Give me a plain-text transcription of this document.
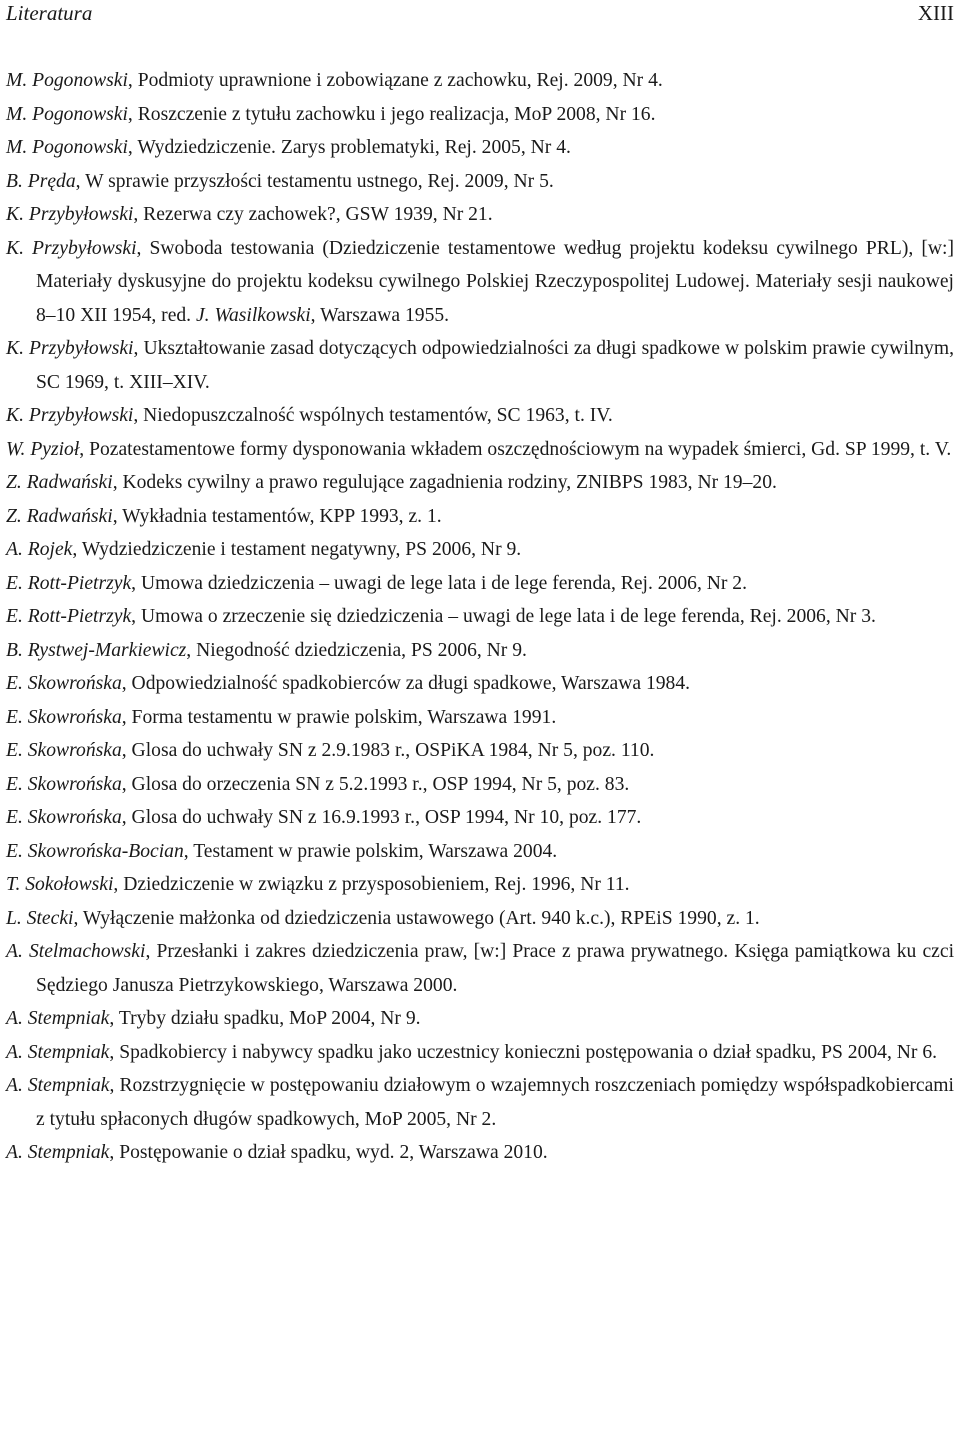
Literatura	XIII
M. Pogonowski, Podmioty uprawnione i zobowiązane z zachowku, Rej. 2009, Nr 4.
M. Pogonowski, Roszczenie z tytułu zachowku i jego realizacja, MoP 2008, Nr 16.
M. Pogonowski, Wydziedziczenie. Zarys problematyki, Rej. 2005, Nr 4.
B. Pręda, W sprawie przyszłości testamentu ustnego, Rej. 2009, Nr 5.
K. Przybyłowski, Rezerwa czy zachowek?, GSW 1939, Nr 21.
K. Przybyłowski, Swoboda testowania (Dziedziczenie testamentowe według projektu kodeksu cywilnego PRL), [w:] Materiały dyskusyjne do projektu kodeksu cywilnego Polskiej Rzeczypospolitej Ludowej. Materiały sesji naukowej 8–10 XII 1954, red. J. Wasilkowski, Warszawa 1955.
K. Przybyłowski, Ukształtowanie zasad dotyczących odpowiedzialności za długi spadkowe w polskim prawie cywilnym, SC 1969, t. XIII–XIV.
K. Przybyłowski, Niedopuszczalność wspólnych testamentów, SC 1963, t. IV.
W. Pyzioł, Pozatestamentowe formy dysponowania wkładem oszczędnościowym na wypadek śmierci, Gd. SP 1999, t. V.
Z. Radwański, Kodeks cywilny a prawo regulujące zagadnienia rodziny, ZNIBPS 1983, Nr 19–20.
Z. Radwański, Wykładnia testamentów, KPP 1993, z. 1.
A. Rojek, Wydziedziczenie i testament negatywny, PS 2006, Nr 9.
E. Rott-Pietrzyk, Umowa dziedziczenia – uwagi de lege lata i de lege ferenda, Rej. 2006, Nr 2.
E. Rott-Pietrzyk, Umowa o zrzeczenie się dziedziczenia – uwagi de lege lata i de lege ferenda, Rej. 2006, Nr 3.
B. Rystwej-Markiewicz, Niegodność dziedziczenia, PS 2006, Nr 9.
E. Skowrońska, Odpowiedzialność spadkobierców za długi spadkowe, Warszawa 1984.
E. Skowrońska, Forma testamentu w prawie polskim, Warszawa 1991.
E. Skowrońska, Glosa do uchwały SN z 2.9.1983 r., OSPiKA 1984, Nr 5, poz. 110.
E. Skowrońska, Glosa do orzeczenia SN z 5.2.1993 r., OSP 1994, Nr 5, poz. 83.
E. Skowrońska, Glosa do uchwały SN z 16.9.1993 r., OSP 1994, Nr 10, poz. 177.
E. Skowrońska-Bocian, Testament w prawie polskim, Warszawa 2004.
T. Sokołowski, Dziedziczenie w związku z przysposobieniem, Rej. 1996, Nr 11.
L. Stecki, Wyłączenie małżonka od dziedziczenia ustawowego (Art. 940 k.c.), RPEiS 1990, z. 1.
A. Stelmachowski, Przesłanki i zakres dziedziczenia praw, [w:] Prace z prawa prywatnego. Księga pamiątkowa ku czci Sędziego Janusza Pietrzykowskiego, Warszawa 2000.
A. Stempniak, Tryby działu spadku, MoP 2004, Nr 9.
A. Stempniak, Spadkobiercy i nabywcy spadku jako uczestnicy konieczni postępowania o dział spadku, PS 2004, Nr 6.
A. Stempniak, Rozstrzygnięcie w postępowaniu działowym o wzajemnych roszczeniach pomiędzy współspadkobiercami z tytułu spłaconych długów spadkowych, MoP 2005, Nr 2.
A. Stempniak, Postępowanie o dział spadku, wyd. 2, Warszawa 2010.
